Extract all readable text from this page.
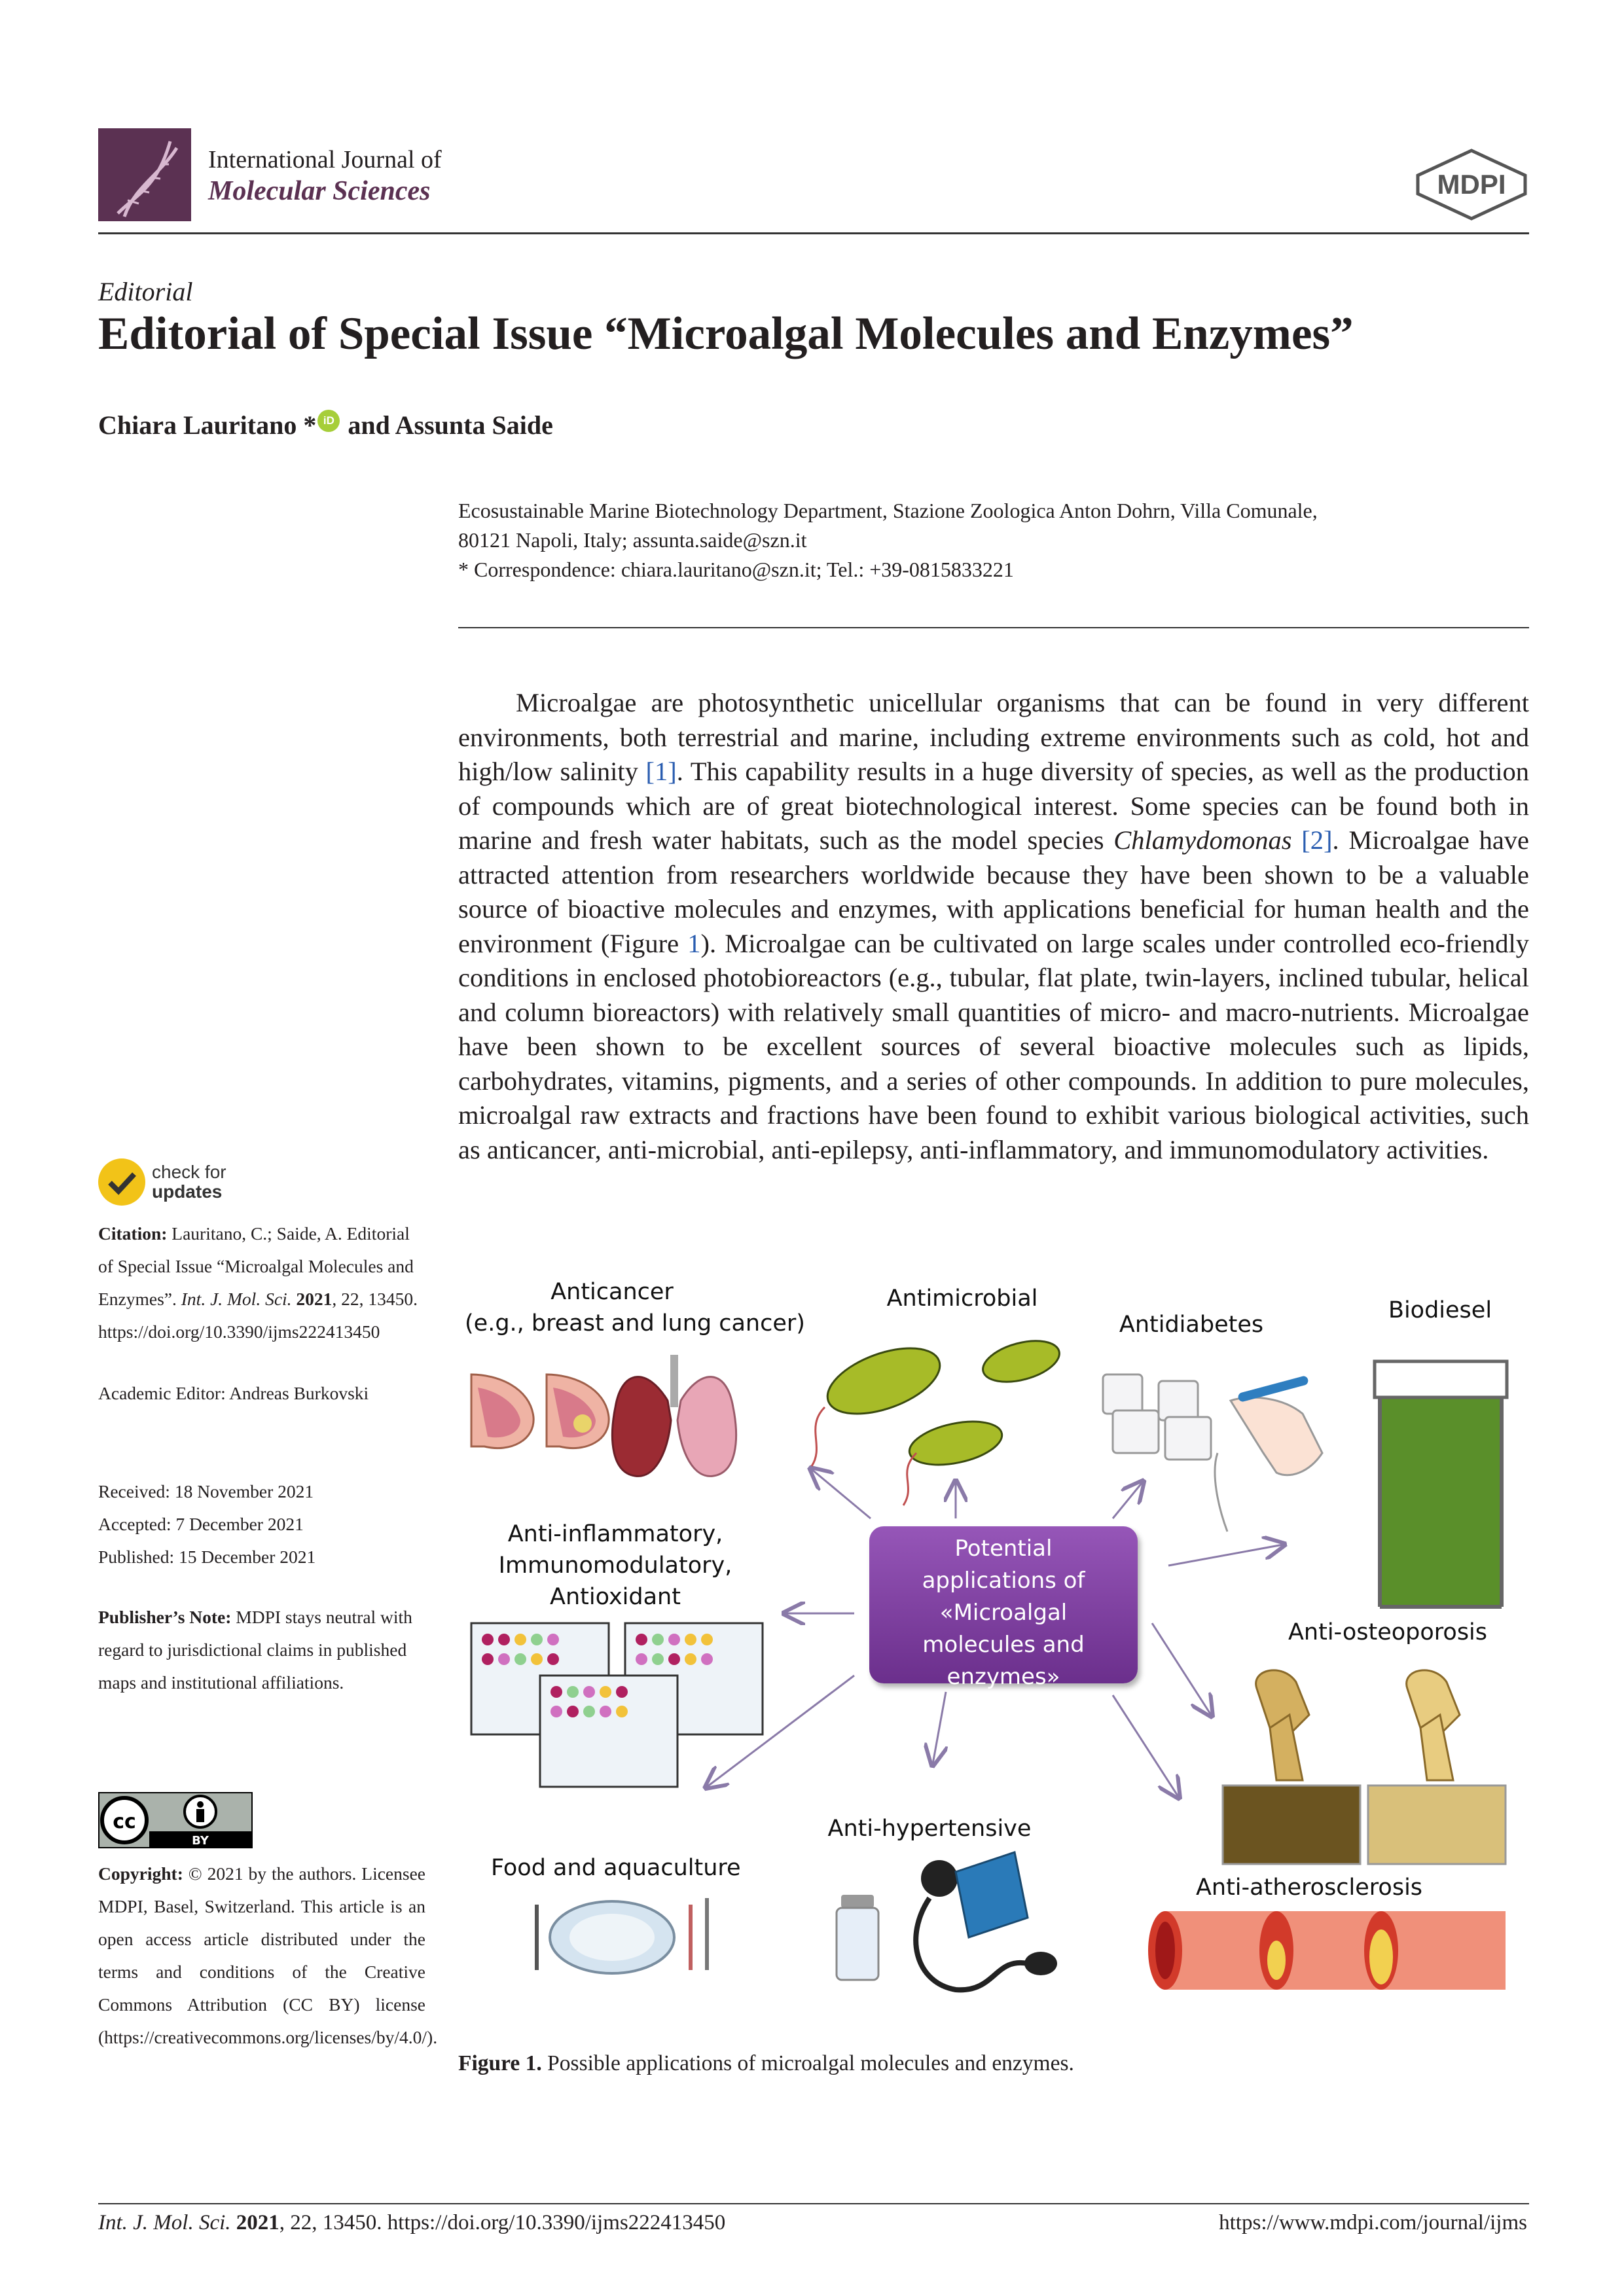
International Journal of
Molecular Sciences	MDPI
Editorial
Editorial of Special Issue “Microalgal Molecules and Enzymes”
Chiara Lauritano * iD and Assunta Saide
Ecosustainable Marine Biotechnology Department, Stazione Zoologica Anton Dohrn, Villa Comunale,
80121 Napoli, Italy; assunta.saide@szn.it
* Correspondence: chiara.lauritano@szn.it; Tel.: +39-0815833221

Microalgae are photosynthetic unicellular organisms that can be found in very different environments, both terrestrial and marine, including extreme environments such as cold, hot and high/low salinity [1]. This capability results in a huge diversity of species, as well as the production of compounds which are of great biotechnological interest. Some species can be found both in marine and fresh water habitats, such as the model species Chlamydomonas [2]. Microalgae have attracted attention from researchers worldwide because they have been shown to be a valuable source of bioactive molecules and enzymes, with applications beneficial for human health and the environment (Figure 1). Microalgae can be cultivated on large scales under controlled eco-friendly conditions in enclosed photobioreactors (e.g., tubular, flat plate, twin-layers, inclined tubular, helical and column bioreactors) with relatively small quantities of micro- and macro-nutrients. Microalgae have been shown to be excellent sources of several bioactive molecules such as lipids, carbohydrates, vitamins, pigments, and a series of other compounds. In addition to pure molecules, microalgal raw extracts and fractions have been found to exhibit various biological activities, such as anticancer, anti-microbial, anti-epilepsy, anti-inflammatory, and immunomodulatory activities.

check for
updates
Citation: Lauritano, C.; Saide, A. Editorial of Special Issue “Microalgal Molecules and Enzymes”. Int. J. Mol. Sci. 2021, 22, 13450. https://doi.org/10.3390/ijms222413450
Academic Editor: Andreas Burkovski
Received: 18 November 2021
Accepted: 7 December 2021
Published: 15 December 2021
Publisher’s Note: MDPI stays neutral with regard to jurisdictional claims in published maps and institutional affiliations.
cc
BY
Copyright: © 2021 by the authors. Licensee MDPI, Basel, Switzerland. This article is an open access article distributed under the terms and conditions of the Creative Commons Attribution (CC BY) license (https://creativecommons.org/licenses/by/4.0/).
Anticancer
(e.g., breast and lung cancer)
Antimicrobial
Antidiabetes
Biodiesel
Anti-inflammatory,
Immunomodulatory,
Antioxidant
Anti-osteoporosis
Food and aquaculture
Anti-hypertensive
Anti-atherosclerosis
Potential
applications of
«Microalgal
molecules and
enzymes»
Figure 1. Possible applications of microalgal molecules and enzymes.
Int. J. Mol. Sci. 2021, 22, 13450. https://doi.org/10.3390/ijms222413450	https://www.mdpi.com/journal/ijms
